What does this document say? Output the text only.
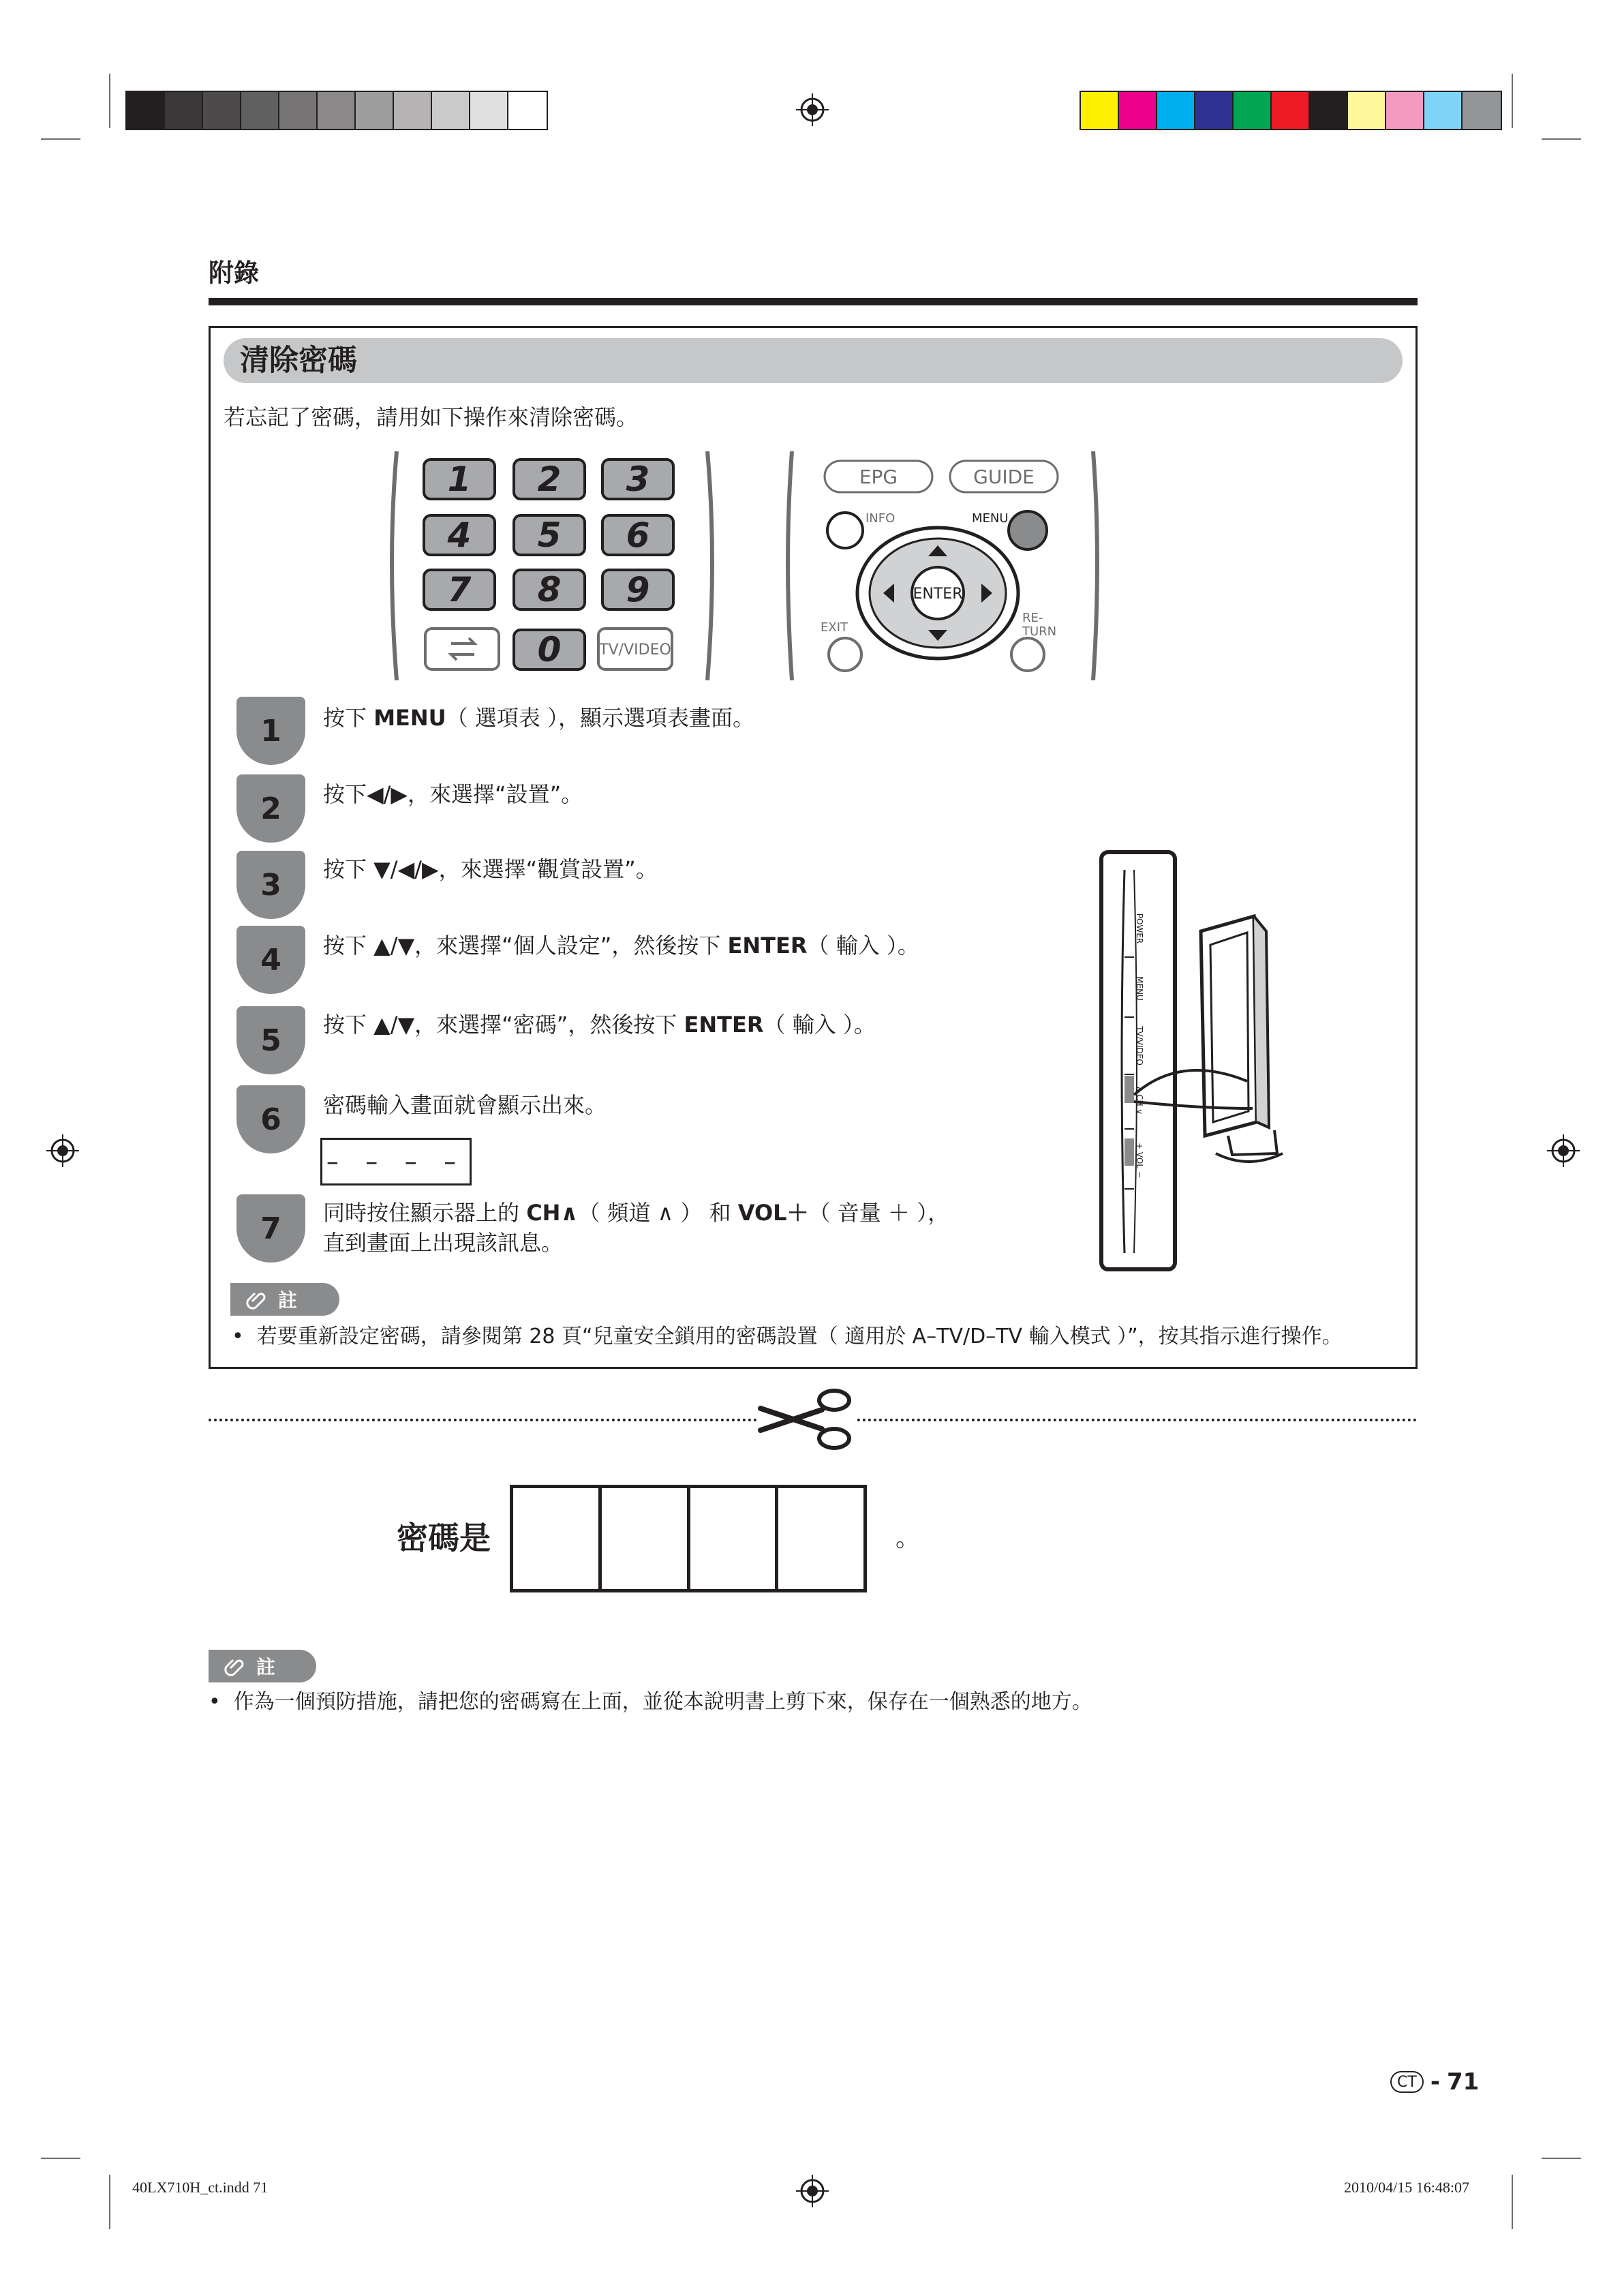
附錄
清除密碼
若忘記了密碼，請用如下操作來清除密碼。
1 2 3
4 5 6
7 8 9
0	TV/VIDEO
EPG	GUIDE
INFO	MENU
ENTER
EXIT
RE-
TURN
1	按下 MENU（ 選項表 ），顯示選項表畫面。
2	按下◀/▶，來選擇“設置”。
3	按下 ▼/◀/▶，來選擇“觀賞設置”。
4	按下 ▲/▼，來選擇“個人設定”，然後按下 ENTER（ 輸入 ）。
5	按下 ▲/▼，來選擇“密碼”，然後按下 ENTER（ 輸入 ）。
6	密碼輸入畫面就會顯示出來。
– – – –
7	同時按住顯示器上的 CH∧（ 頻道 ∧ ） 和 VOL＋（ 音量 ＋ ），
直到畫面上出現該訊息。
POWER
MENU
TV/VIDEO
∧ CH ∨
+ VOL −
註
•  若要重新設定密碼，請參閱第 28 頁“兒童安全鎖用的密碼設置（ 適用於 A–TV/D–TV 輸入模式 ）”，按其指示進行操作。
密碼是	。
註
•  作為一個預防措施，請把您的密碼寫在上面，並從本說明書上剪下來，保存在一個熟悉的地方。
CT - 71
40LX710H_ct.indd 71	2010/04/15 16:48:07
